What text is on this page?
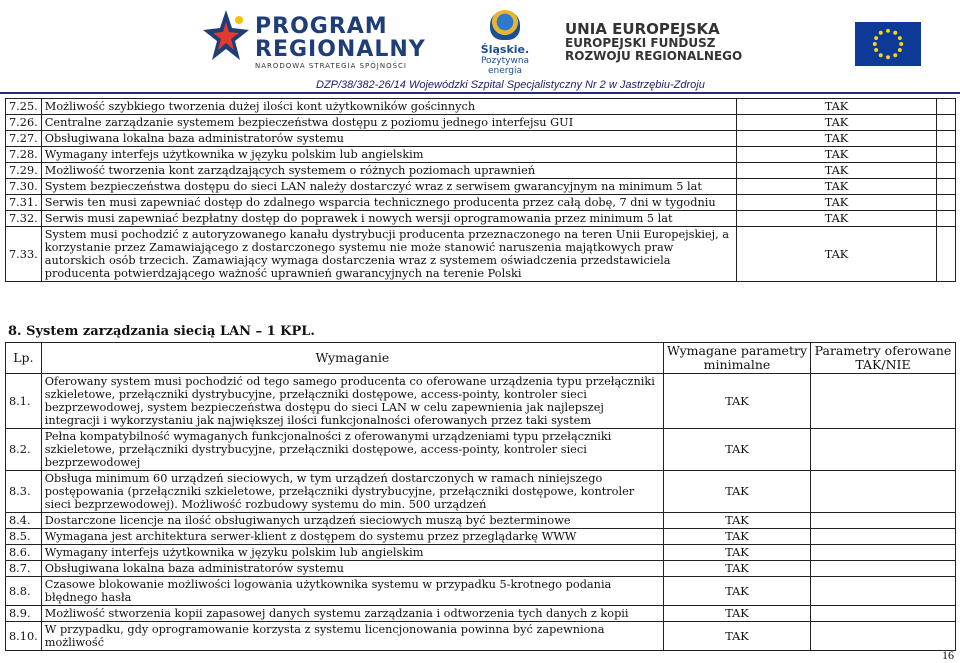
PROGRAM
REGIONALNY
NARODOWA STRATEGIA SPÓJNOŚCI
Śląskie.
Pozytywna energia
UNIA EUROPEJSKA
EUROPEJSKI FUNDUSZ
ROZWOJU REGIONALNEGO
DZP/38/382-26/14 Wojewódzki Szpital Specjalistyczny Nr 2 w Jastrzębiu-Zdroju
7.25.	Możliwość szybkiego tworzenia dużej ilości kont użytkowników gościnnych	TAK	
7.26.	Centralne zarządzanie systemem bezpieczeństwa dostępu z poziomu jednego interfejsu GUI	TAK	
7.27.	Obsługiwana lokalna baza administratorów systemu	TAK	
7.28.	Wymagany interfejs użytkownika w języku polskim lub angielskim	TAK	
7.29.	Możliwość tworzenia kont zarządzających systemem o różnych poziomach uprawnień	TAK	
7.30.	System bezpieczeństwa dostępu do sieci LAN należy dostarczyć wraz z serwisem gwarancyjnym na minimum 5 lat	TAK	
7.31.	Serwis ten musi zapewniać dostęp do zdalnego wsparcia technicznego producenta przez całą dobę, 7 dni w tygodniu	TAK	
7.32.	Serwis musi zapewniać bezpłatny dostęp do poprawek i nowych wersji oprogramowania przez minimum 5 lat	TAK	
7.33.	System musi pochodzić z autoryzowanego kanału dystrybucji producenta przeznaczonego na teren Unii Europejskiej, a korzystanie przez Zamawiającego z dostarczonego systemu nie może stanowić naruszenia majątkowych praw autorskich osób trzecich. Zamawiający wymaga dostarczenia wraz z systemem oświadczenia przedstawiciela producenta potwierdzającego ważność uprawnień gwarancyjnych na terenie Polski	TAK	
8. System zarządzania siecią LAN – 1 KPL.
Lp.	Wymaganie	Wymagane parametry minimalne	Parametry oferowane TAK/NIE
8.1.	Oferowany system musi pochodzić od tego samego producenta co oferowane urządzenia typu przełączniki szkieletowe, przełączniki dystrybucyjne, przełączniki dostępowe, access-pointy, kontroler sieci bezprzewodowej, system bezpieczeństwa dostępu do sieci LAN w celu zapewnienia jak najlepszej integracji i wykorzystaniu jak największej ilości funkcjonalności oferowanych przez taki system	TAK	
8.2.	Pełna kompatybilność wymaganych funkcjonalności z oferowanymi urządzeniami typu przełączniki szkieletowe, przełączniki dystrybucyjne, przełączniki dostępowe, access-pointy, kontroler sieci bezprzewodowej	TAK	
8.3.	Obsługa minimum 60 urządzeń sieciowych, w tym urządzeń dostarczonych w ramach niniejszego postępowania (przełączniki szkieletowe, przełączniki dystrybucyjne, przełączniki dostępowe, kontroler sieci bezprzewodowej). Możliwość rozbudowy systemu do min. 500 urządzeń	TAK	
8.4.	Dostarczone licencje na ilość obsługiwanych urządzeń sieciowych muszą być bezterminowe	TAK	
8.5.	Wymagana jest architektura serwer-klient z dostępem do systemu przez przeglądarkę WWW	TAK	
8.6.	Wymagany interfejs użytkownika w języku polskim lub angielskim	TAK	
8.7.	Obsługiwana lokalna baza administratorów systemu	TAK	
8.8.	Czasowe blokowanie możliwości logowania użytkownika systemu w przypadku 5-krotnego podania błędnego hasła	TAK	
8.9.	Możliwość stworzenia kopii zapasowej danych systemu zarządzania i odtworzenia tych danych z kopii	TAK	
8.10.	W przypadku, gdy oprogramowanie korzysta z systemu licencjonowania powinna być zapewniona możliwość	TAK	
16
